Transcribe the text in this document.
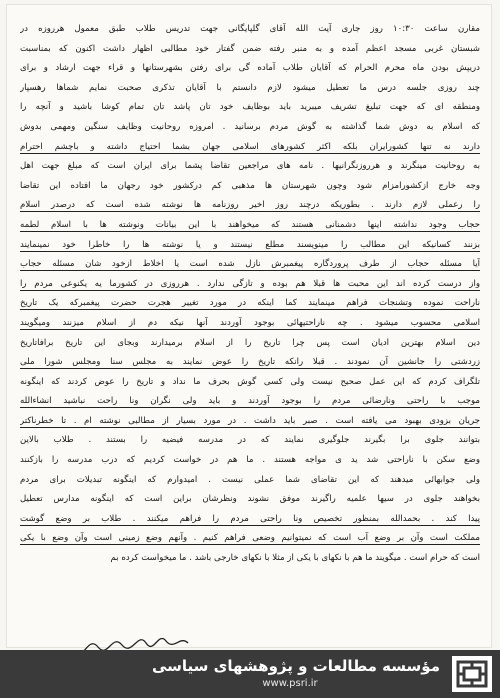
مقارن ساعت ۱۰:۳۰ روز جاری آیت الله آقای گلپایگانی جهت تدریس طلاب طبق معمول هرروزه در
شبستان غربی مسجد اعظم آمده و به منبر رفته ضمن گفتار خود مطالبی اظهار داشت اکنون که بمناسبت
دریپش بودن ماه محرم الحرام که آقایان طلاب آماده گی برای رفتن بشهرستانها و قراء جهت ارشاد و برای
چند روزی جلسه درس ما تعطیل میشود لازم دانستم با آقایان تذکری صحبت نمایم شماها رهسپار
ومنطقه ای که جهت تبلیغ تشریف میبرید باید بوظایف خود تان پاشد تان تمام کوشا باشید و آنچه را
که اسلام به دوش شما گذاشته به گوش مردم برسانید . امروزه روحانیت وظایف سنگین ومهمی بدوش
دارند نه تنها کشورایران بلکه اکثر کشورهای اسلامی جهان بشما احتیاج داشته و باچشم احترام
به روحانیت مینگرند و هرروزنگرانیها . نامه های مراجعین تقاضا پشما برای ایران است که مبلغ جهت اهل
وجه خارج ازکشورامزام شود وچون شهرستان ها مذهبی کم درکشور خود رجهان ما افتاده این تقاضا
را رعملی لازم دارند . بطوریکه درچند روز اخیر روزنامه ها نوشته شده است که درصدر اسلام
حجاب وجود نداشته اینها دشمنانی هستند که میخواهند با این بیانات ونوشته ها با اسلام لطمه
بزنند کسانیکه این مطالب را مینویسند مطلع نیستند و یا نوشته ها را خاطرا خود نمینمایند
آیا مسئله حجاب از طرف پروردگاره پیغمبرش نازل شده است یا اخلاط ازخود شان مسئله حجاب
واز درست کرده اند این محبت ها قبلا هم بوده و تازگی ندارد . هرروزی در کشورما یه یکنوعی مردم را
ناراحت نموده وتشنجات فراهم مینمایند کما اینکه در مورد تغییر هجرت حضرت پیغمبرکه یک تاریخ
اسلامی محسوب میشود . چه ناراحتیهائی بوجود آوردند آنها نیکه دم از اسلام میزنند ومیگویند
دین اسلام بهترین ادیان است پس چرا تاریخ را از اسلام برمیدارند وبجای این تاریخ برافاتاریخ
زردشتی را جانشین آن نمودند . قبلا رانکه تاریخ را عوض نمایند به مجلس سنا ومجلس شورا ملی
تلگراف کردم که این عمل صحیح نیست ولی کسی گوش بحرف ما نداد و تاریخ را عوض کردند که اینگونه
موجب با راحتی ونارضائی مردم را بوجود آوردند و باید ولی نگران ونا راحت نباشید انشاءالله
جریان بزودی بهبود می یافته است . صبر باید داشت . در مورد بسیار از مطالبی نوشته ام . تا خطرناکتر
بتوانند جلوی برا بگیرند جلوگیری نمایند که در مدرسه فیضیه را بستند . طلاب بالاین
وضع سکن با ناراحتی شد ید ی مواجه هستند . ما هم در خواست کردیم که درب مدرسه را بازکنند
ولی جوابهائی میدهند که این تقاضای شما عملی نیست . امیدوارم که اینگونه تبدیلات برای مردم
بخواهند جلوی در سیها علمیه راگیرند موفق نشوند ونظرشان براین است که اینگونه مدارس تعطیل
پیدا کند . بحمدالله بمنظور تخصیص ونا راحتی مردم را فراهم میکنند . طلاب بر وضع گوشت
مملکت است وآن بر وضع آب است که نمیتوانیم وضعی فراهم کنیم . وآنهم وضع زمینی است وآن وضع با یکی
است که حرام است . میگویند ما هم با نکهای با یکی از مثلا با نکهای خارجی باشد . ما میخواست کرده بم
مؤسسه مطالعات و پژوهشهای سیاسی
www.psri.ir
